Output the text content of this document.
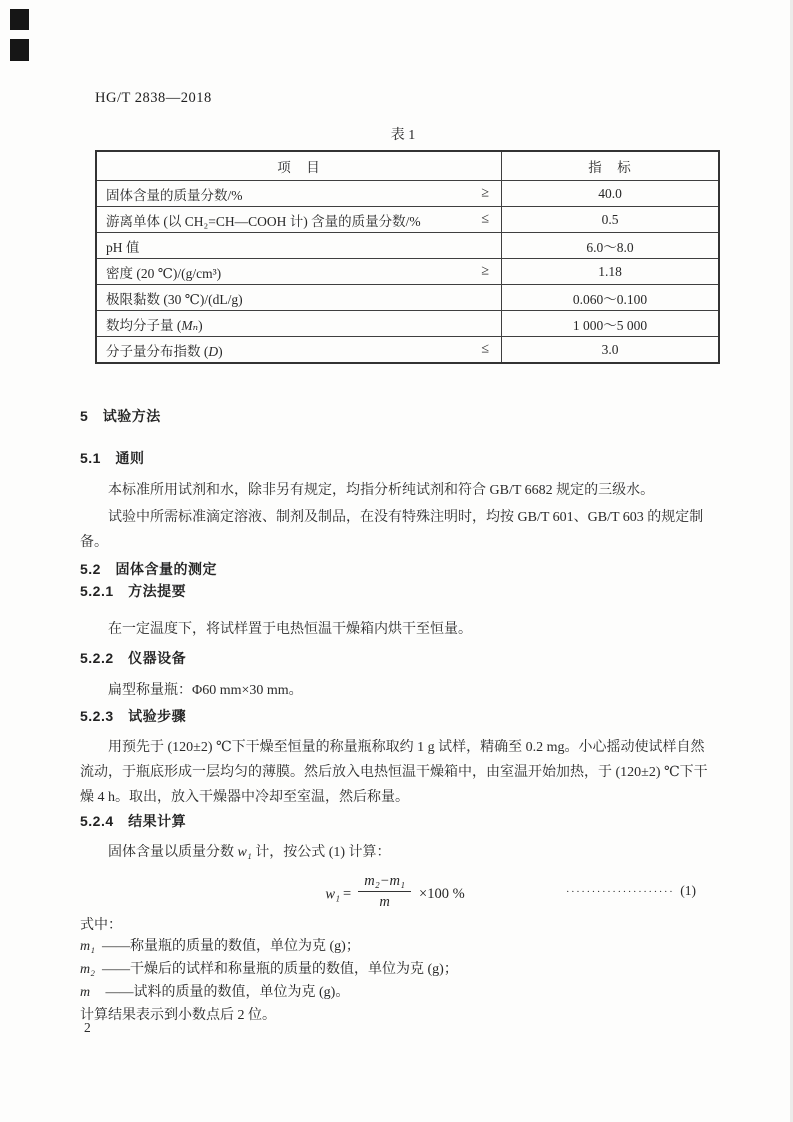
HG/T 2838—2018
表 1
项　目	指　标
固体含量的质量分数/% ≥	40.0
游离单体 (以 CH₂=CH—COOH 计) 含量的质量分数/% ≤	0.5
pH 值	6.0～8.0
密度 (20 ℃)/(g/cm³) ≥	1.18
极限黏数 (30 ℃)/(dL/g)	0.060～0.100
数均分子量 (Mₙ)	1 000～5 000
分子量分布指数 (D) ≤	3.0
5　试验方法
5.1　通则
本标准所用试剂和水，除非另有规定，均指分析纯试剂和符合 GB/T 6682 规定的三级水。
试验中所需标准滴定溶液、制剂及制品，在没有特殊注明时，均按 GB/T 601、GB/T 603 的规定制备。
5.2　固体含量的测定
5.2.1　方法提要
在一定温度下，将试样置于电热恒温干燥箱内烘干至恒量。
5.2.2　仪器设备
扁型称量瓶：Φ60 mm×30 mm。
5.2.3　试验步骤
用预先于 (120±2) ℃下干燥至恒量的称量瓶称取约 1 g 试样，精确至 0.2 mg。小心摇动使试样自然流动，于瓶底形成一层均匀的薄膜。然后放入电热恒温干燥箱中，由室温开始加热，于 (120±2) ℃下干燥 4 h。取出，放入干燥器中冷却至室温，然后称量。
5.2.4　结果计算
固体含量以质量分数 w₁ 计，按公式 (1) 计算：
$w_1 = \frac{\text{m₂−m₁}}{m} \times 100$ %	····················· (1)
式中：
m₁ ——称量瓶的质量的数值，单位为克 (g)；
m₂ ——干燥后的试样和称量瓶的质量的数值，单位为克 (g)；
m ——试料的质量的数值，单位为克 (g)。
计算结果表示到小数点后 2 位。
2
